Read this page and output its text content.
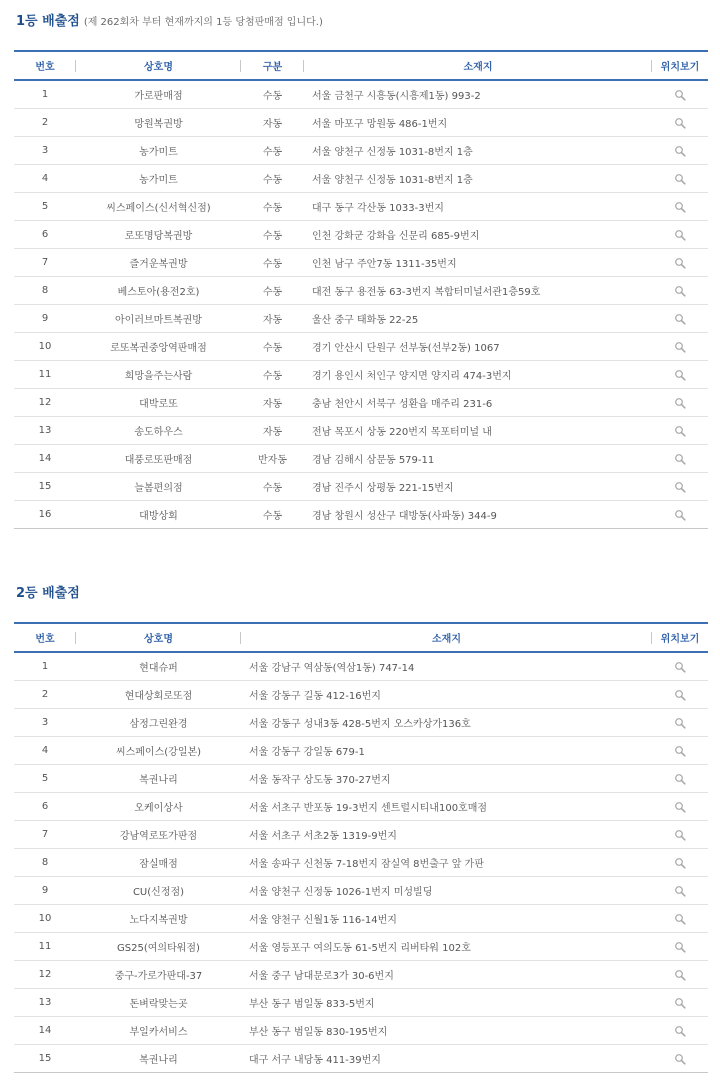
1등 배출점 (제 262회차 부터 현재까지의 1등 당첨판매점 입니다.)
번호	상호명	구분	소재지	위치보기
1	가로판매점	수동	서울 금천구 시흥동(시흥제1동) 993-2	
2	망원복권방	자동	서울 마포구 망원동 486-1번지	
3	농가미트	수동	서울 양천구 신정동 1031-8번지 1층	
4	농가미트	수동	서울 양천구 신정동 1031-8번지 1층	
5	씨스페이스(신서혁신점)	수동	대구 동구 각산동 1033-3번지	
6	로또명당복권방	수동	인천 강화군 강화읍 신문리 685-9번지	
7	즐거운복권방	수동	인천 남구 주안7동 1311-35번지	
8	베스토아(용전2호)	수동	대전 동구 용전동 63-3번지 복합터미널서관1층59호	
9	아이러브마트복권방	자동	울산 중구 태화동 22-25	
10	로또복권중앙역판매점	수동	경기 안산시 단원구 선부동(선부2동) 1067	
11	희망을주는사람	수동	경기 용인시 처인구 양지면 양지리 474-3번지	
12	대박로또	자동	충남 천안시 서북구 성환읍 매주리 231-6	
13	송도하우스	자동	전남 목포시 상동 220번지 목포터미널 내	
14	대풍로또판매점	반자동	경남 김해시 삼문동 579-11	
15	늘봄편의점	수동	경남 진주시 상평동 221-15번지	
16	대방상회	수동	경남 창원시 성산구 대방동(사파동) 344-9	
2등 배출점
번호	상호명	소재지	위치보기
1	현대슈퍼	서울 강남구 역삼동(역삼1동) 747-14	
2	현대상회로또점	서울 강동구 길동 412-16번지	
3	삼정그린완경	서울 강동구 성내3동 428-5번지 오스카상가136호	
4	씨스페이스(강일본)	서울 강동구 강일동 679-1	
5	복권나리	서울 동작구 상도동 370-27번지	
6	오케이상사	서울 서초구 반포동 19-3번지 센트럴시티내100호매점	
7	강남역로또가판점	서울 서초구 서초2동 1319-9번지	
8	잠실매점	서울 송파구 신천동 7-18번지 잠실역 8번출구 앞 가판	
9	CU(신정점)	서울 양천구 신정동 1026-1번지 미성빌딩	
10	노다지복권방	서울 양천구 신월1동 116-14번지	
11	GS25(여의타워점)	서울 영등포구 여의도동 61-5번지 리버타워 102호	
12	중구-가로가판대-37	서울 중구 남대문로3가 30-6번지	
13	돈벼락맞는곳	부산 동구 범일동 833-5번지	
14	부일카서비스	부산 동구 범일동 830-195번지	
15	복권나리	대구 서구 내당동 411-39번지	
